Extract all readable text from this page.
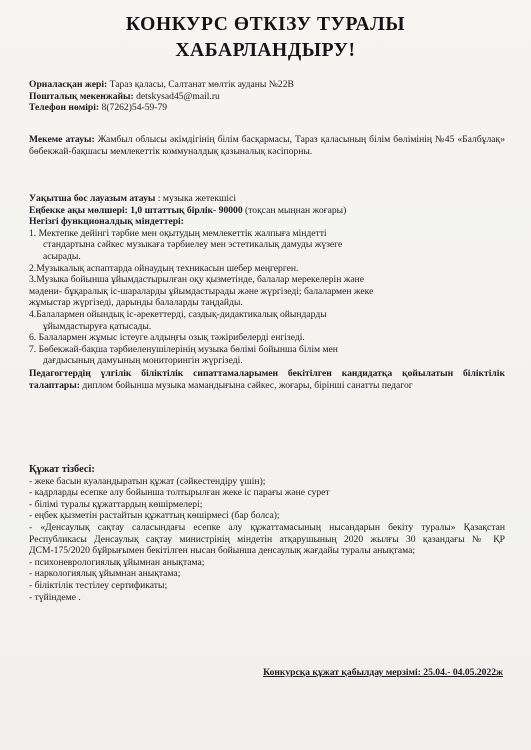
КОНКУРС ӨТКІЗУ ТУРАЛЫ
ХАБАРЛАНДЫРУ!

Орналасқан жері: Тараз қаласы, Салтанат мөлтік ауданы №22В

Пошталық мекенжайы: detskysad45@mail.ru

Телефон нөмірі: 8(7262)54-59-79

Мекеме атауы: Жамбыл облысы әкімдігінің білім басқармасы, Тараз қаласының білім бөлімінің №45 «Балбұлақ» бөбекжай-бақшасы мемлекеттік коммуналдық қазыналық кәсіпорны.

Уақытша бос лауазым атауы : музыка жетекшісі

Еңбекке ақы мөлшері: 1,0 штаттық бірлік- 90000 (тоқсан мыңнан жоғары)

Негізгі функционалдық міндеттері:

1. Мектепке дейінгі тәрбие мен оқытудың мемлекеттік жалпыға міндетті

стандартына сәйкес музыкаға тәрбиелеу мен эстетикалық дамуды жүзеге

асырады.

2.Музыкалық аспаптарда ойнаудың техникасын шебер меңгерген.

3.Музыка бойынша ұйымдастырылған оқу қызметінде, балалар мерекелерін және

мәдени- бұқаралық іс-шараларды ұйымдастырады және жүргізеді; балалармен жеке

жұмыстар жүргізеді, дарынды балаларды таңдайды.

4.Балалармен ойындық іс-әрекеттерді, саздық-дидактикалық ойындарды

ұйымдастыруға қатысады.

6. Балалармен жұмыс істеуге алдыңғы озық тәжірибелерді енгізеді.

7. Бөбекжай-бақша тәрбиеленушілерінің музыка бөлімі бойынша білім мен

дағдысының дамуының мониторингін жүргізеді.

Педагогтердің үлгілік біліктілік сипаттамаларымен бекітілген кандидатқа қойылатын біліктілік талаптары: диплом бойынша музыка мамандығына сәйкес, жоғары, бірінші санатты педагог

Құжат тізбесі:

- жеке басын куәландыратын құжат (сәйкестендіру үшін);

- кадрларды есепке алу бойынша толтырылған жеке іс парағы және сурет

- білімі туралы құжаттардың көшірмелері;

- еңбек қызметін растайтын құжаттың көшірмесі (бар болса);

- «Денсаулық сақтау саласындағы есепке алу құжаттамасының нысандарын бекіту туралы» Қазақстан Республикасы Денсаулық сақтау министрінің міндетін атқарушының 2020 жылғы 30 қазандағы № ҚР ДСМ-175/2020 бұйрығымен бекітілген нысан бойынша денсаулық жағдайы туралы анықтама;

- психоневрологиялық ұйымнан анықтама;

- наркологиялық ұйымнан анықтама;

- біліктілік тестілеу сертификаты;

- түйіндеме .

Конкурсқа құжат қабылдау мерзімі: 25.04.- 04.05.2022ж
